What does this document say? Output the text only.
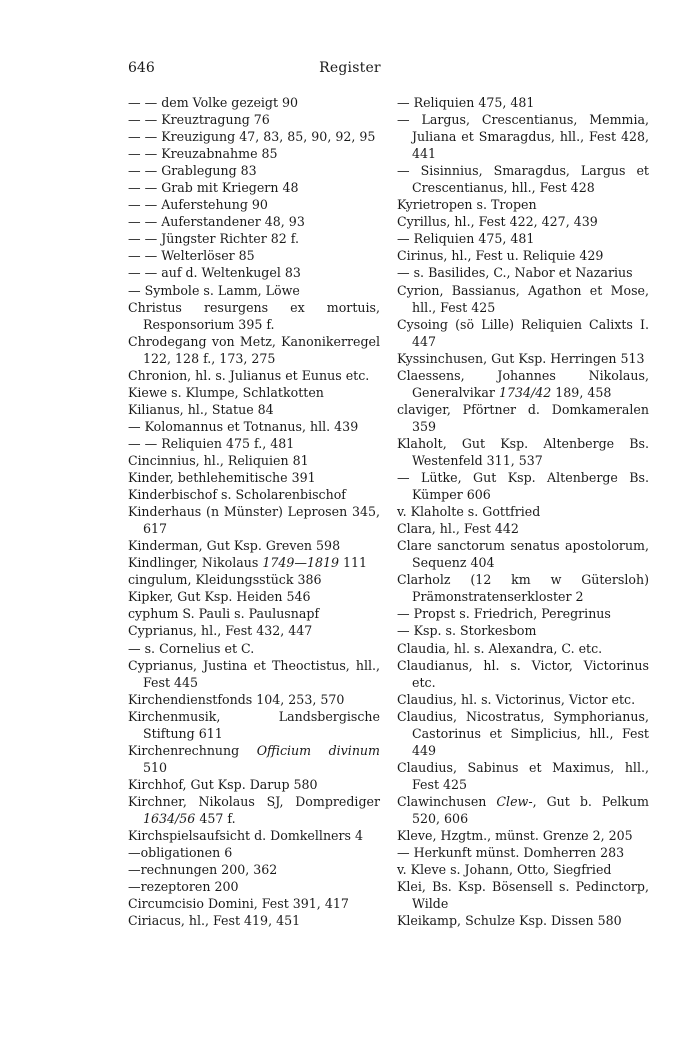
646	Register
— — dem Volke gezeigt 90
— — Kreuztragung 76
— — Kreuzigung 47, 83, 85, 90, 92, 95
— — Kreuzabnahme 85
— — Grablegung 83
— — Grab mit Kriegern 48
— — Auferstehung 90
— — Auferstandener 48, 93
— — Jüngster Richter 82 f.
— — Welterlöser 85
— — auf d. Weltenkugel 83
— Symbole s. Lamm, Löwe
Christus resurgens ex mortuis, Responsorium 395 f.
Chrodegang von Metz, Kanonikerregel 122, 128 f., 173, 275
Chronion, hl. s. Julianus et Eunus etc.
Kiewe s. Klumpe, Schlatkotten
Kilianus, hl., Statue 84
— Kolomannus et Totnanus, hll. 439
— — Reliquien 475 f., 481
Cincinnius, hl., Reliquien 81
Kinder, bethlehemitische 391
Kinderbischof s. Scholarenbischof
Kinderhaus (n Münster) Leprosen 345, 617
Kinderman, Gut Ksp. Greven 598
Kindlinger, Nikolaus 1749—1819 111
cingulum, Kleidungsstück 386
Kipker, Gut Ksp. Heiden 546
cyphum S. Pauli s. Paulusnapf
Cyprianus, hl., Fest 432, 447
— s. Cornelius et C.
Cyprianus, Justina et Theoctistus, hll., Fest 445
Kirchendienstfonds 104, 253, 570
Kirchenmusik, Landsbergische Stiftung 611
Kirchenrechnung Officium divinum 510
Kirchhof, Gut Ksp. Darup 580
Kirchner, Nikolaus SJ, Domprediger 1634/56 457 f.
Kirchspielsaufsicht d. Domkellners 4
—obligationen 6
—rechnungen 200, 362
—rezeptoren 200
Circumcisio Domini, Fest 391, 417
Ciriacus, hl., Fest 419, 451
— Reliquien 475, 481
— Largus, Crescentianus, Memmia, Juliana et Smaragdus, hll., Fest 428, 441
— Sisinnius, Smaragdus, Largus et Crescentianus, hll., Fest 428
Kyrietropen s. Tropen
Cyrillus, hl., Fest 422, 427, 439
— Reliquien 475, 481
Cirinus, hl., Fest u. Reliquie 429
— s. Basilides, C., Nabor et Nazarius
Cyrion, Bassianus, Agathon et Mose, hll., Fest 425
Cysoing (sö Lille) Reliquien Calixts I. 447
Kyssinchusen, Gut Ksp. Herringen 513
Claessens, Johannes Nikolaus, Generalvikar 1734/42 189, 458
claviger, Pförtner d. Domkameralen 359
Klaholt, Gut Ksp. Altenberge Bs. Westenfeld 311, 537
— Lütke, Gut Ksp. Altenberge Bs. Kümper 606
v. Klaholte s. Gottfried
Clara, hl., Fest 442
Clare sanctorum senatus apostolorum, Sequenz 404
Clarholz (12 km w Gütersloh) Prämonstratenserkloster 2
— Propst s. Friedrich, Peregrinus
— Ksp. s. Storkesbom
Claudia, hl. s. Alexandra, C. etc.
Claudianus, hl. s. Victor, Victorinus etc.
Claudius, hl. s. Victorinus, Victor etc.
Claudius, Nicostratus, Symphorianus, Castorinus et Simplicius, hll., Fest 449
Claudius, Sabinus et Maximus, hll., Fest 425
Clawinchusen Clew-, Gut b. Pelkum 520, 606
Kleve, Hzgtm., münst. Grenze 2, 205
— Herkunft münst. Domherren 283
v. Kleve s. Johann, Otto, Siegfried
Klei, Bs. Ksp. Bösensell s. Pedinctorp, Wilde
Kleikamp, Schulze Ksp. Dissen 580
